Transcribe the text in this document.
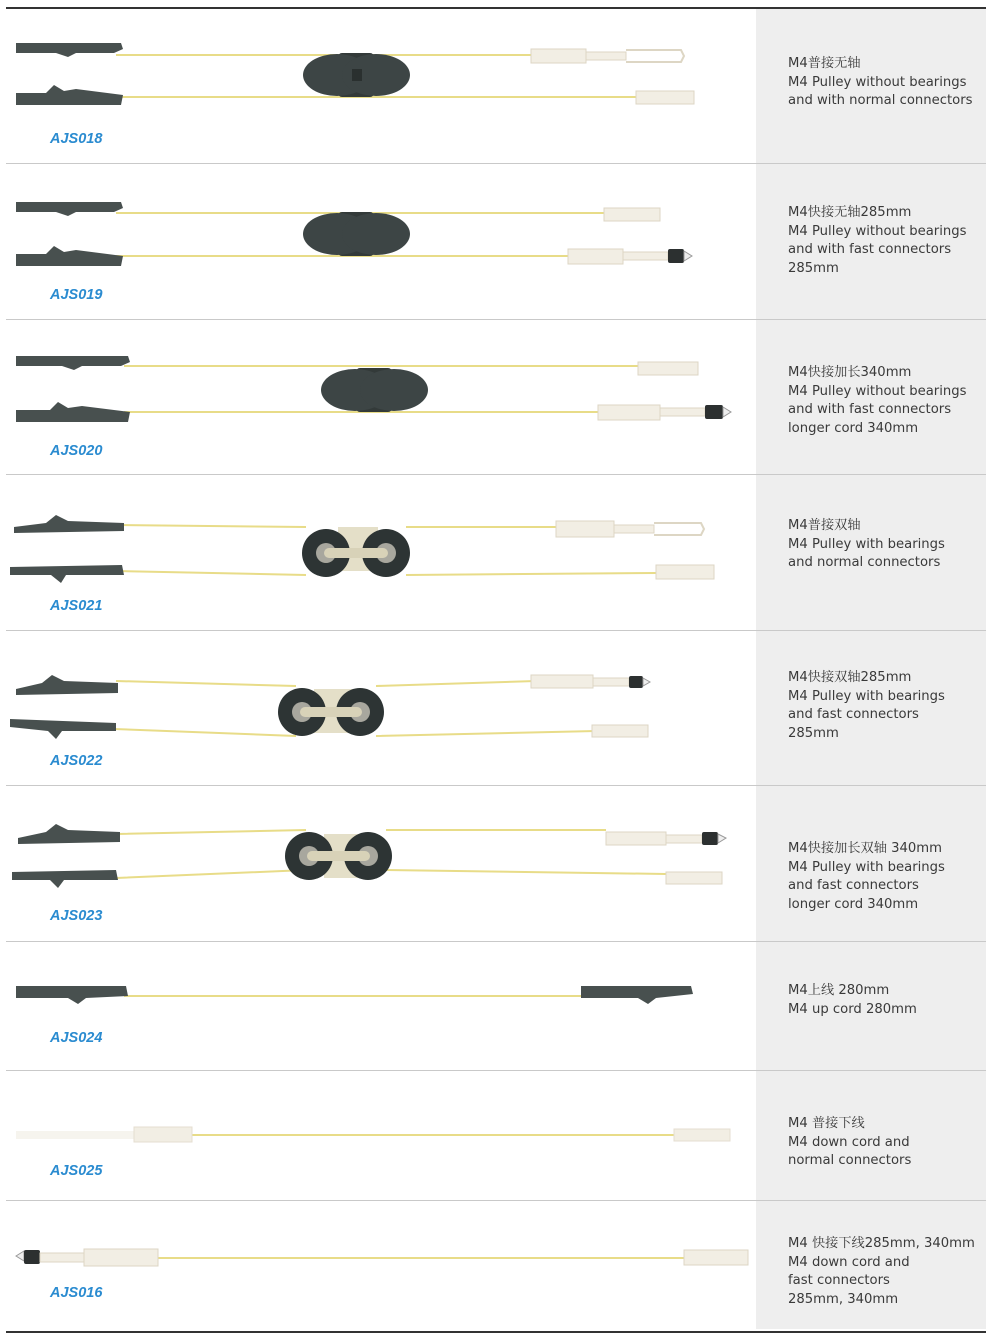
AJS018
M4普接无轴
M4 Pulley without bearings
and with normal connectors
AJS019
M4快接无轴285mm
M4 Pulley without bearings
and with fast connectors
285mm
AJS020
M4快接加长340mm
M4 Pulley without bearings
and with fast connectors
longer cord 340mm
AJS021
M4普接双轴
M4 Pulley with bearings
and normal connectors
AJS022
M4快接双轴285mm
M4 Pulley with bearings
and fast connectors
285mm
AJS023
M4快接加长双轴 340mm
M4 Pulley with bearings
and fast connectors
longer cord 340mm
AJS024
M4上线 280mm
M4 up cord 280mm
AJS025
M4 普接下线
M4 down cord and
normal connectors
AJS016
M4 快接下线285mm, 340mm
M4 down cord and
fast connectors
285mm, 340mm
